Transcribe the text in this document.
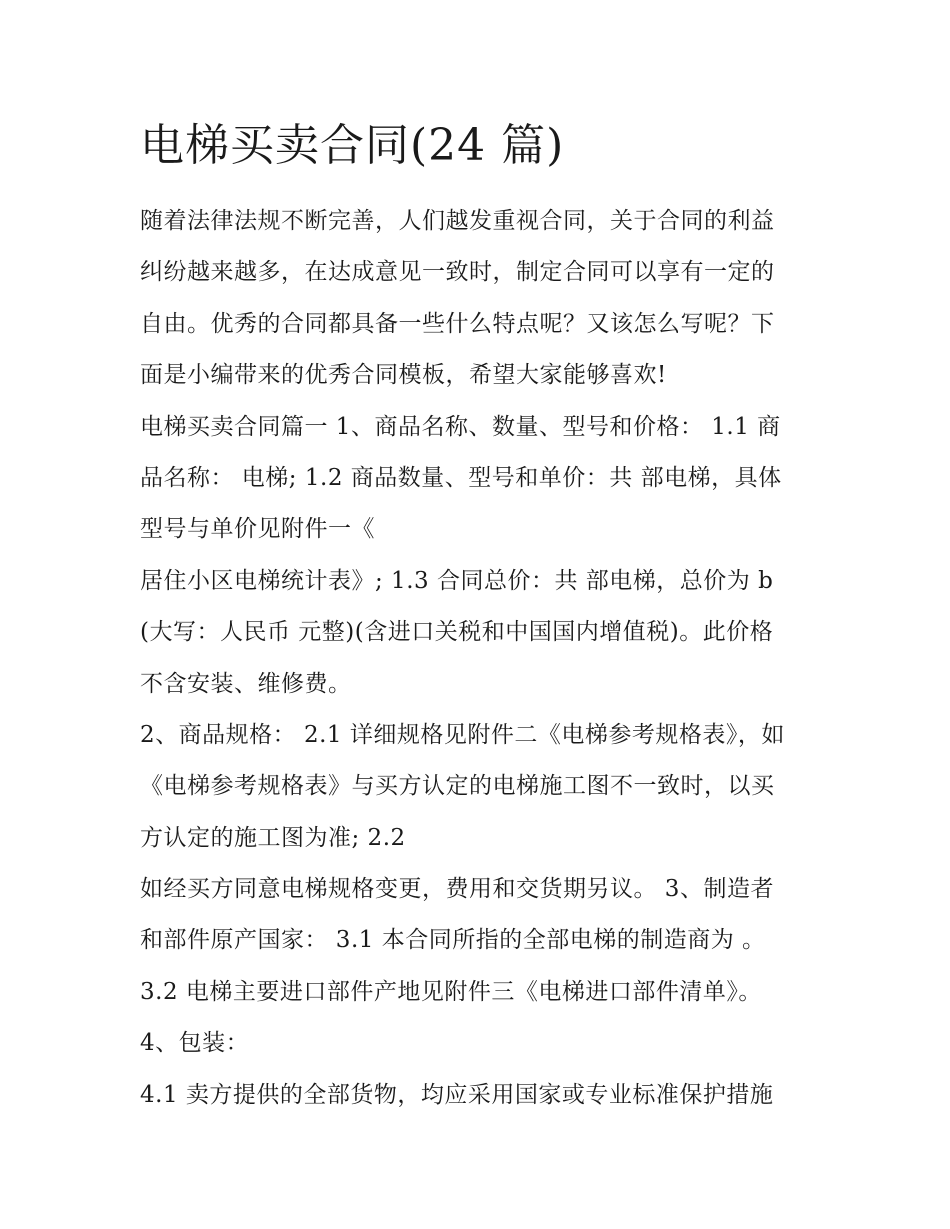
电梯买卖合同(24 篇)
随着法律法规不断完善，人们越发重视合同，关于合同的利益
纠纷越来越多，在达成意见一致时，制定合同可以享有一定的
自由。优秀的合同都具备一些什么特点呢？又该怎么写呢？下
面是小编带来的优秀合同模板，希望大家能够喜欢!
电梯买卖合同篇一 1、商品名称、数量、型号和价格： 1.1 商
品名称： 电梯; 1.2 商品数量、型号和单价：共 部电梯，具体
型号与单价见附件一《
居住小区电梯统计表》; 1.3 合同总价：共 部电梯，总价为 b
(大写：人民币 元整)(含进口关税和中国国内增值税)。此价格
不含安装、维修费。
2、商品规格： 2.1 详细规格见附件二《电梯参考规格表》，如
《电梯参考规格表》与买方认定的电梯施工图不一致时，以买
方认定的施工图为准; 2.2
如经买方同意电梯规格变更，费用和交货期另议。 3、制造者
和部件原产国家： 3.1 本合同所指的全部电梯的制造商为 。
3.2 电梯主要进口部件产地见附件三《电梯进口部件清单》。
4、包装：
4.1 卖方提供的全部货物，均应采用国家或专业标准保护措施
